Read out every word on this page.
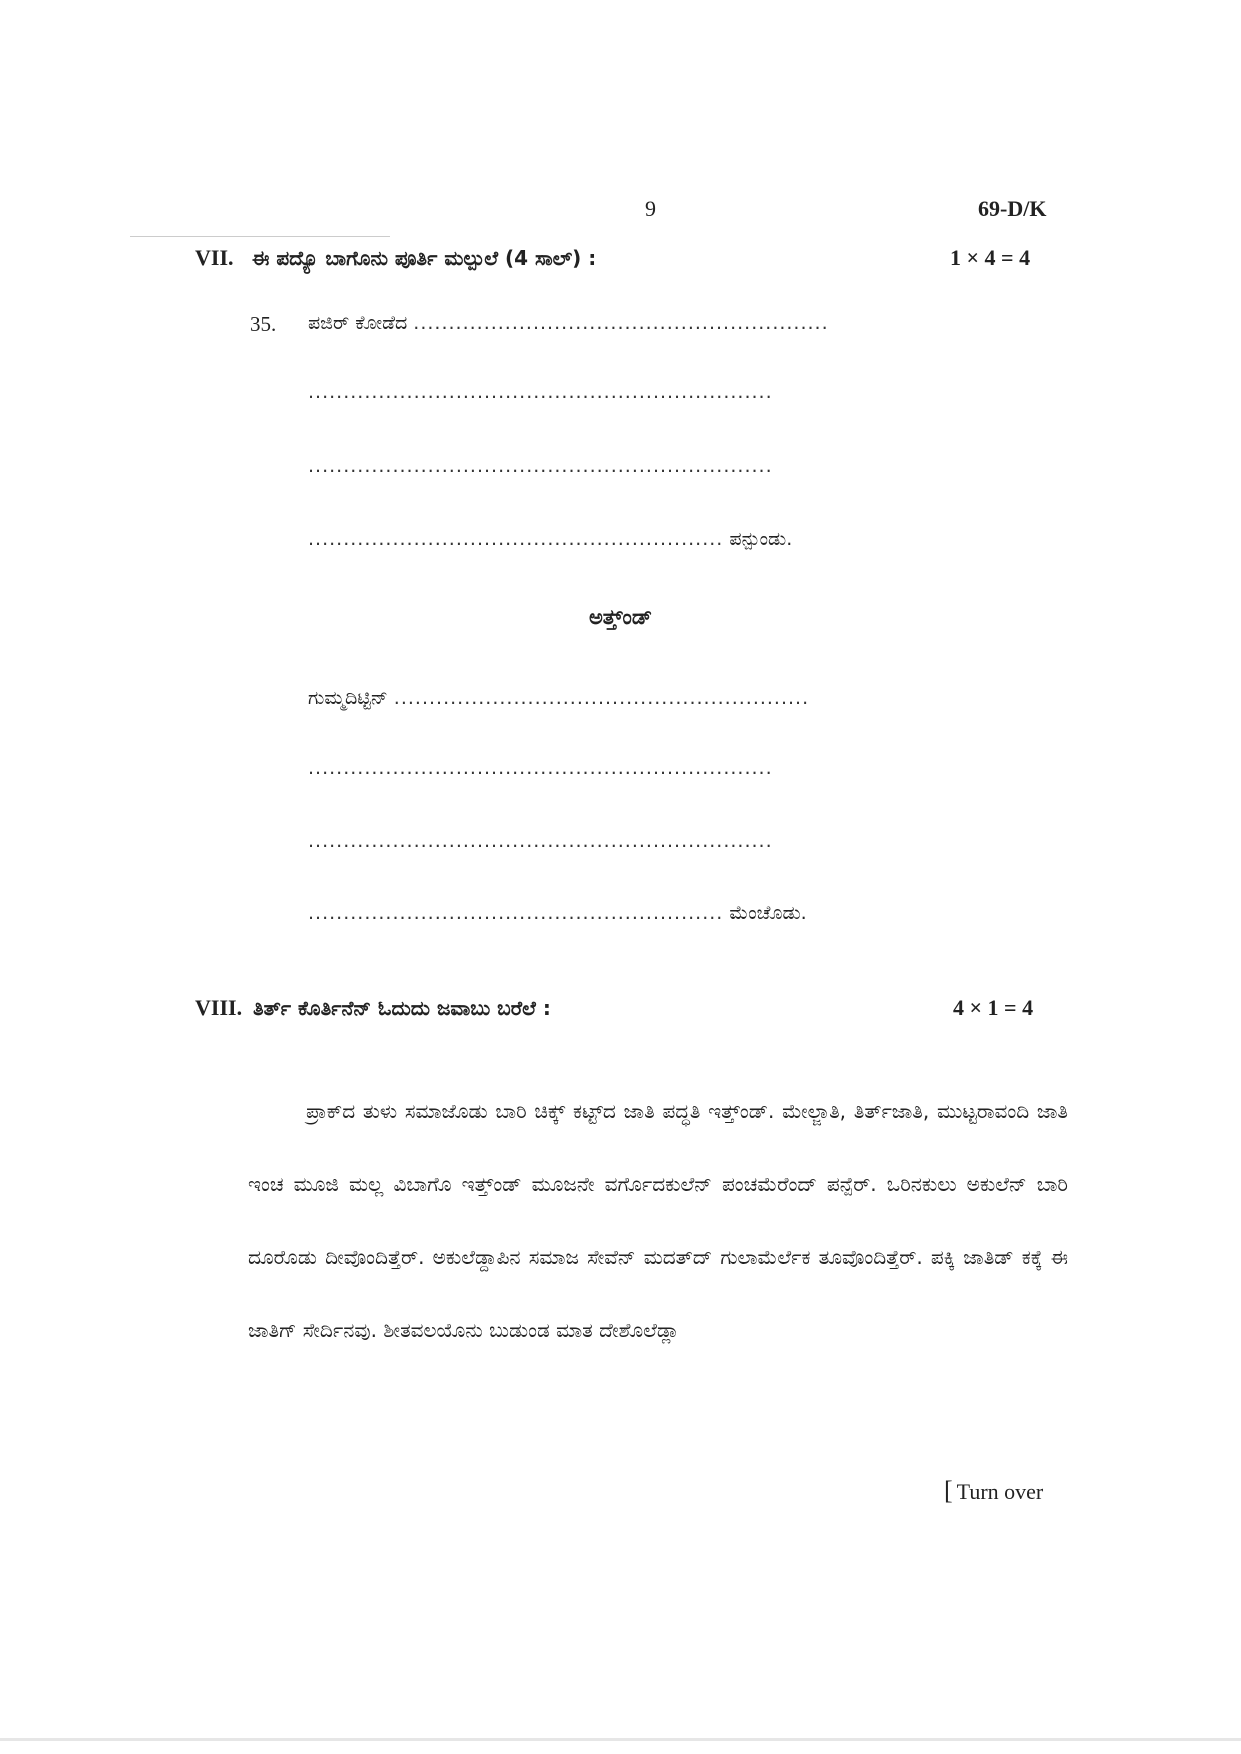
9	69-D/K
VII. ಈ ಪದ್ಯೊ ಬಾಗೊನು ಪೂರ್ತಿ ಮಲ್ಪುಲೆ (4 ಸಾಲ್) :	1 × 4 = 4
35. ಪಜಿರ್ ಕೋಡೆದ ...........................................................
..................................................................
..................................................................
........................................................... ಪನ್ಪುಂಡು.
ಅತ್ತ್ಂಡ್
ಗುಮ್ಮದಿಟ್ಟಿನ್ ...........................................................
..................................................................
..................................................................
........................................................... ಮೆಂಚೊಡು.
VIII. ತಿರ್ತ್ ಕೊರ್ತಿನೆನ್ ಓದುದು ಜವಾಬು ಬರೆಲೆ :	4 × 1 = 4
ಪ್ರಾಕ್‌ದ ತುಳು ಸಮಾಜೊಡು ಬಾರಿ ಚಿಕ್ಕ್ ಕಟ್ಟ್‌ದ ಜಾತಿ ಪದ್ಧತಿ ಇತ್ತ್ಂಡ್. ಮೇಲ್ಜಾತಿ, ತಿರ್ತ್‌ಜಾತಿ, ಮುಟ್ಟರಾವಂದಿ ಜಾತಿ ಇಂಚ ಮೂಜಿ ಮಲ್ಲ ವಿಬಾಗೊ ಇತ್ತ್ಂಡ್ ಮೂಜನೇ ವರ್ಗೊದಕುಲೆನ್ ಪಂಚಮೆರೆಂದ್ ಪನ್ಪೆರ್. ಒರಿನಕುಲು ಅಕುಲೆನ್ ಬಾರಿ ದೂರೊಡು ದೀವೊಂದಿತ್ತೆರ್. ಅಕುಲೆಡ್ದಾಪಿನ ಸಮಾಜ ಸೇವೆನ್ ಮದತ್‌ದ್ ಗುಲಾಮೆರ್ಲೆಕ ತೂವೊಂದಿತ್ತೆರ್. ಪಕ್ಕಿ ಜಾತಿಡ್ ಕಕ್ಕೆ ಈ ಜಾತಿಗ್ ಸೇರ್ದಿನವು. ಶೀತವಲಯೊನು ಬುಡುಂಡ ಮಾತ ದೇಶೊಲೆಡ್ಲಾ
[ Turn over
